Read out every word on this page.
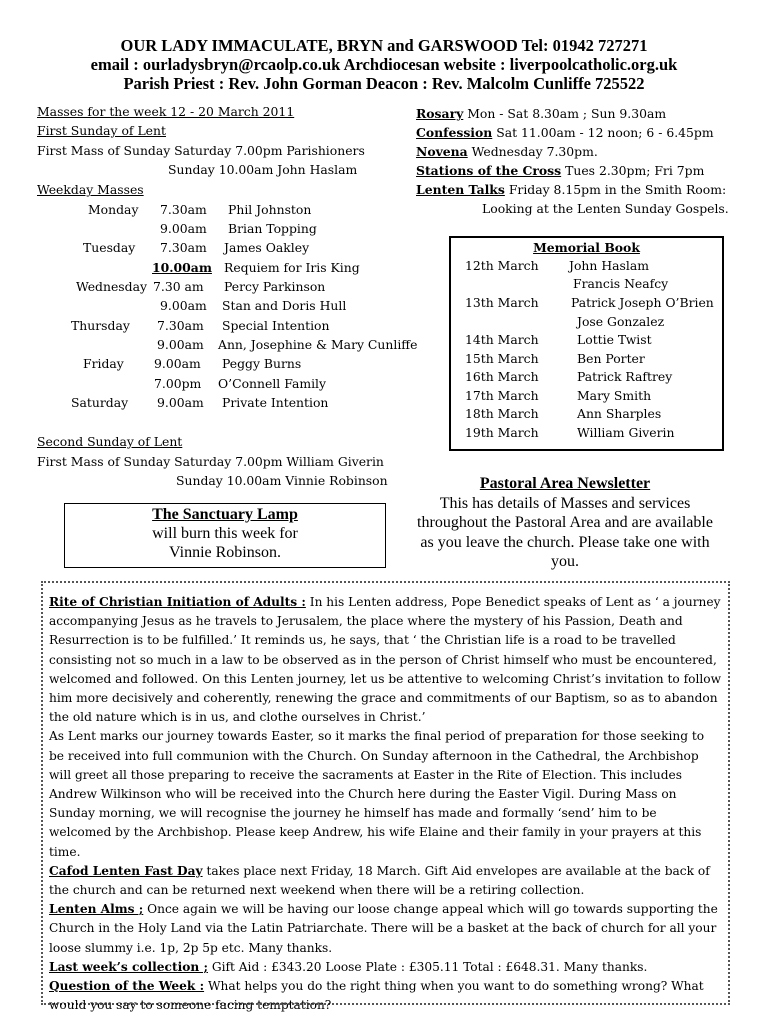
OUR LADY IMMACULATE, BRYN and GARSWOOD Tel: 01942 727271
email : ourladysbryn@rcaolp.co.uk Archdiocesan website : liverpoolcatholic.org.uk
Parish Priest : Rev. John Gorman Deacon : Rev. Malcolm Cunliffe 725522
Masses for the week 12 - 20 March 2011
First Sunday of Lent
First Mass of Sunday Saturday 7.00pm Parishioners
Sunday 10.00am John Haslam
Weekday Masses
Monday 7.30am Phil Johnston
9.00am Brian Topping
Tuesday 7.30am James Oakley
10.00am Requiem for Iris King
Wednesday 7.30 am Percy Parkinson
9.00am Stan and Doris Hull
Thursday 7.30am Special Intention
9.00am Ann, Josephine & Mary Cunliffe
Friday 9.00am Peggy Burns
7.00pm O’Connell Family
Saturday 9.00am Private Intention
Second Sunday of Lent
First Mass of Sunday Saturday 7.00pm William Giverin
Sunday 10.00am Vinnie Robinson
Rosary Mon - Sat 8.30am ; Sun 9.30am
Confession Sat 11.00am - 12 noon; 6 - 6.45pm
Novena Wednesday 7.30pm.
Stations of the Cross Tues 2.30pm; Fri 7pm
Lenten Talks Friday 8.15pm in the Smith Room:
Looking at the Lenten Sunday Gospels.
Memorial Book
12th March John Haslam
Francis Neafcy
13th March	Patrick Joseph O’Brien
Jose Gonzalez
14th March	Lottie Twist
15th March	Ben Porter
16th March	Patrick Raftrey
17th March	Mary Smith
18th March	Ann Sharples
19th March	William Giverin
Pastoral Area Newsletter
This has details of Masses and services throughout the Pastoral Area and are available as you leave the church. Please take one with you.
The Sanctuary Lamp
will burn this week for
Vinnie Robinson.

Rite of Christian Initiation of Adults : In his Lenten address, Pope Benedict speaks of Lent as ‘ a journey accompanying Jesus as he travels to Jerusalem, the place where the mystery of his Passion, Death and Resurrection is to be fulfilled.’ It reminds us, he says, that ‘ the Christian life is a road to be travelled consisting not so much in a law to be observed as in the person of Christ himself who must be encountered, welcomed and followed. On this Lenten journey, let us be attentive to welcoming Christ’s invitation to follow him more decisively and coherently, renewing the grace and commitments of our Baptism, so as to abandon the old nature which is in us, and clothe ourselves in Christ.’

As Lent marks our journey towards Easter, so it marks the final period of preparation for those seeking to be received into full communion with the Church. On Sunday afternoon in the Cathedral, the Archbishop will greet all those preparing to receive the sacraments at Easter in the Rite of Election. This includes Andrew Wilkinson who will be received into the Church here during the Easter Vigil. During Mass on Sunday morning, we will recognise the journey he himself has made and formally ‘send’ him to be welcomed by the Archbishop. Please keep Andrew, his wife Elaine and their family in your prayers at this time.

Cafod Lenten Fast Day takes place next Friday, 18 March. Gift Aid envelopes are available at the back of the church and can be returned next weekend when there will be a retiring collection.

Lenten Alms ; Once again we will be having our loose change appeal which will go towards supporting the Church in the Holy Land via the Latin Patriarchate. There will be a basket at the back of church for all your loose slummy i.e. 1p, 2p 5p etc. Many thanks.

Last week’s collection ; Gift Aid : £343.20 Loose Plate : £305.11 Total : £648.31. Many thanks.

Question of the Week : What helps you do the right thing when you want to do something wrong? What would you say to someone facing temptation?
